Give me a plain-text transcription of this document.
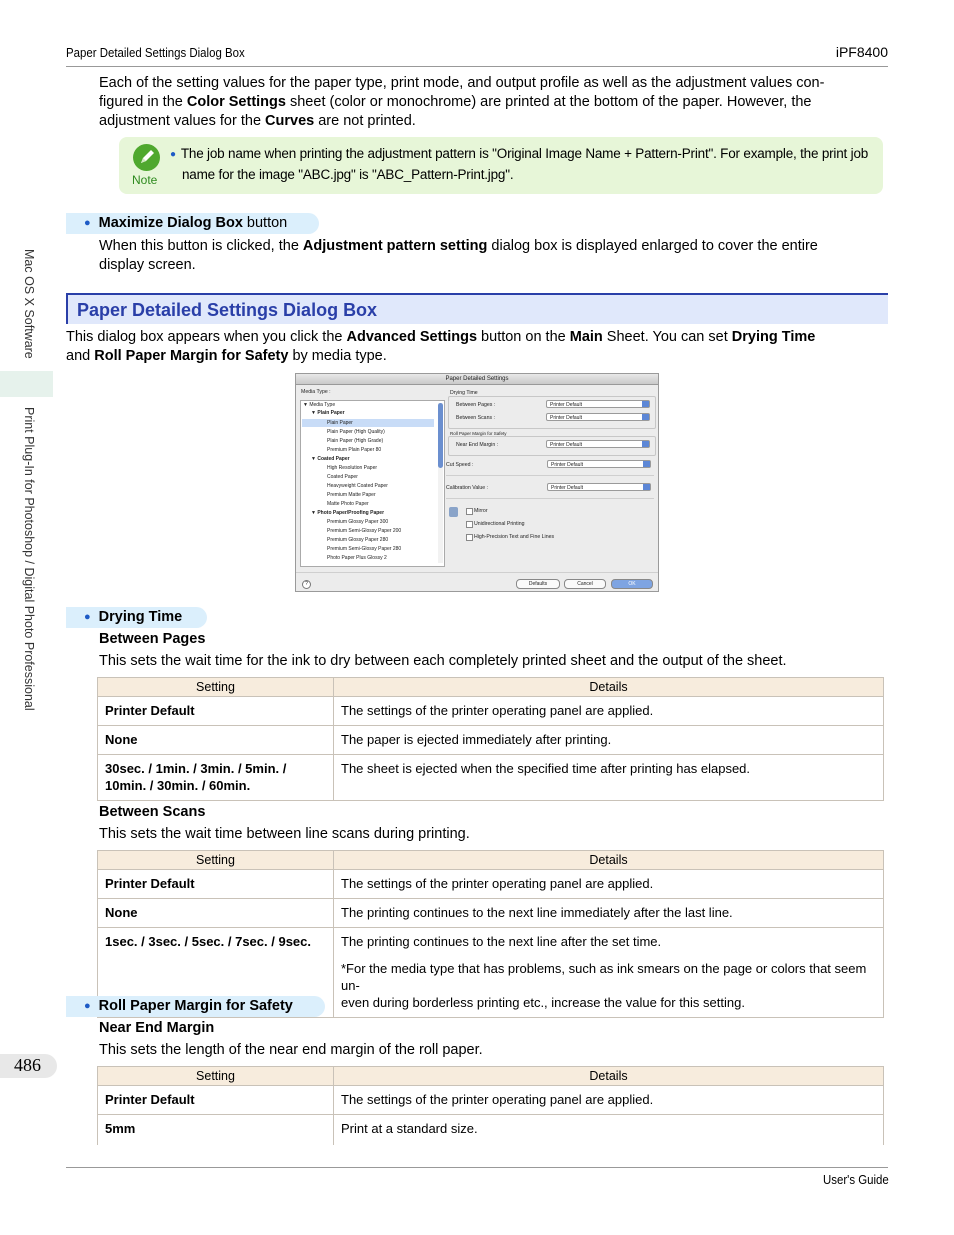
Paper Detailed Settings Dialog Box	iPF8400
Each of the setting values for the paper type, print mode, and output profile as well as the adjustment values con-
figured in the Color Settings sheet (color or monochrome) are printed at the bottom of the paper. However, the
adjustment values for the Curves are not printed.
Note
● The job name when printing the adjustment pattern is "Original Image Name + Pattern-Print". For example, the print job
name for the image "ABC.jpg" is "ABC_Pattern-Print.jpg".
● Maximize Dialog Box button
When this button is clicked, the Adjustment pattern setting dialog box is displayed enlarged to cover the entire
display screen.
Paper Detailed Settings Dialog Box
This dialog box appears when you click the Advanced Settings button on the Main Sheet. You can set Drying Time
and Roll Paper Margin for Safety by media type.
Paper Detailed Settings
Media Type :
▼ Media Type
▼ Plain Paper
Plain Paper
Plain Paper (High Quality)
Plain Paper (High Grade)
Premium Plain Paper 80
▼ Coated Paper
High Resolution Paper
Coated Paper
Heavyweight Coated Paper
Premium Matte Paper
Matte Photo Paper
▼ Photo Paper/Proofing Paper
Premium Glossy Paper 300
Premium Semi-Glossy Paper 200
Premium Glossy Paper 280
Premium Semi-Glossy Paper 280
Photo Paper Plus Glossy 2
Drying Time
Between Pages :	Printer Default
Between Scans :	Printer Default
Roll Paper Margin for Safety
Near End Margin :	Printer Default
Cut Speed :	Printer Default
Calibration Value :	Printer Default
Mirror
Unidirectional Printing
High-Precision Text and Fine Lines
?	Defaults	Cancel	OK
● Drying Time
Between Pages
This sets the wait time for the ink to dry between each completely printed sheet and the output of the sheet.
Setting	Details
Printer Default	The settings of the printer operating panel are applied.
None	The paper is ejected immediately after printing.

30sec. / 1min. / 3min. / 5min. /
10min. / 30min. / 60min.	The sheet is ejected when the specified time after printing has elapsed.
Between Scans
This sets the wait time between line scans during printing.
Setting	Details
Printer Default	The settings of the printer operating panel are applied.
None	The printing continues to the next line immediately after the last line.
1sec. / 3sec. / 5sec. / 7sec. / 9sec.	The printing continues to the next line after the set time.
*For the media type that has problems, such as ink smears on the page or colors that seem un-
even during borderless printing etc., increase the value for this setting.
● Roll Paper Margin for Safety
Near End Margin
This sets the length of the near end margin of the roll paper.
Setting	Details
Printer Default	The settings of the printer operating panel are applied.
5mm	Print at a standard size.
Mac OS X Software
Print Plug-In for Photoshop / Digital Photo Professional
486
User's Guide
